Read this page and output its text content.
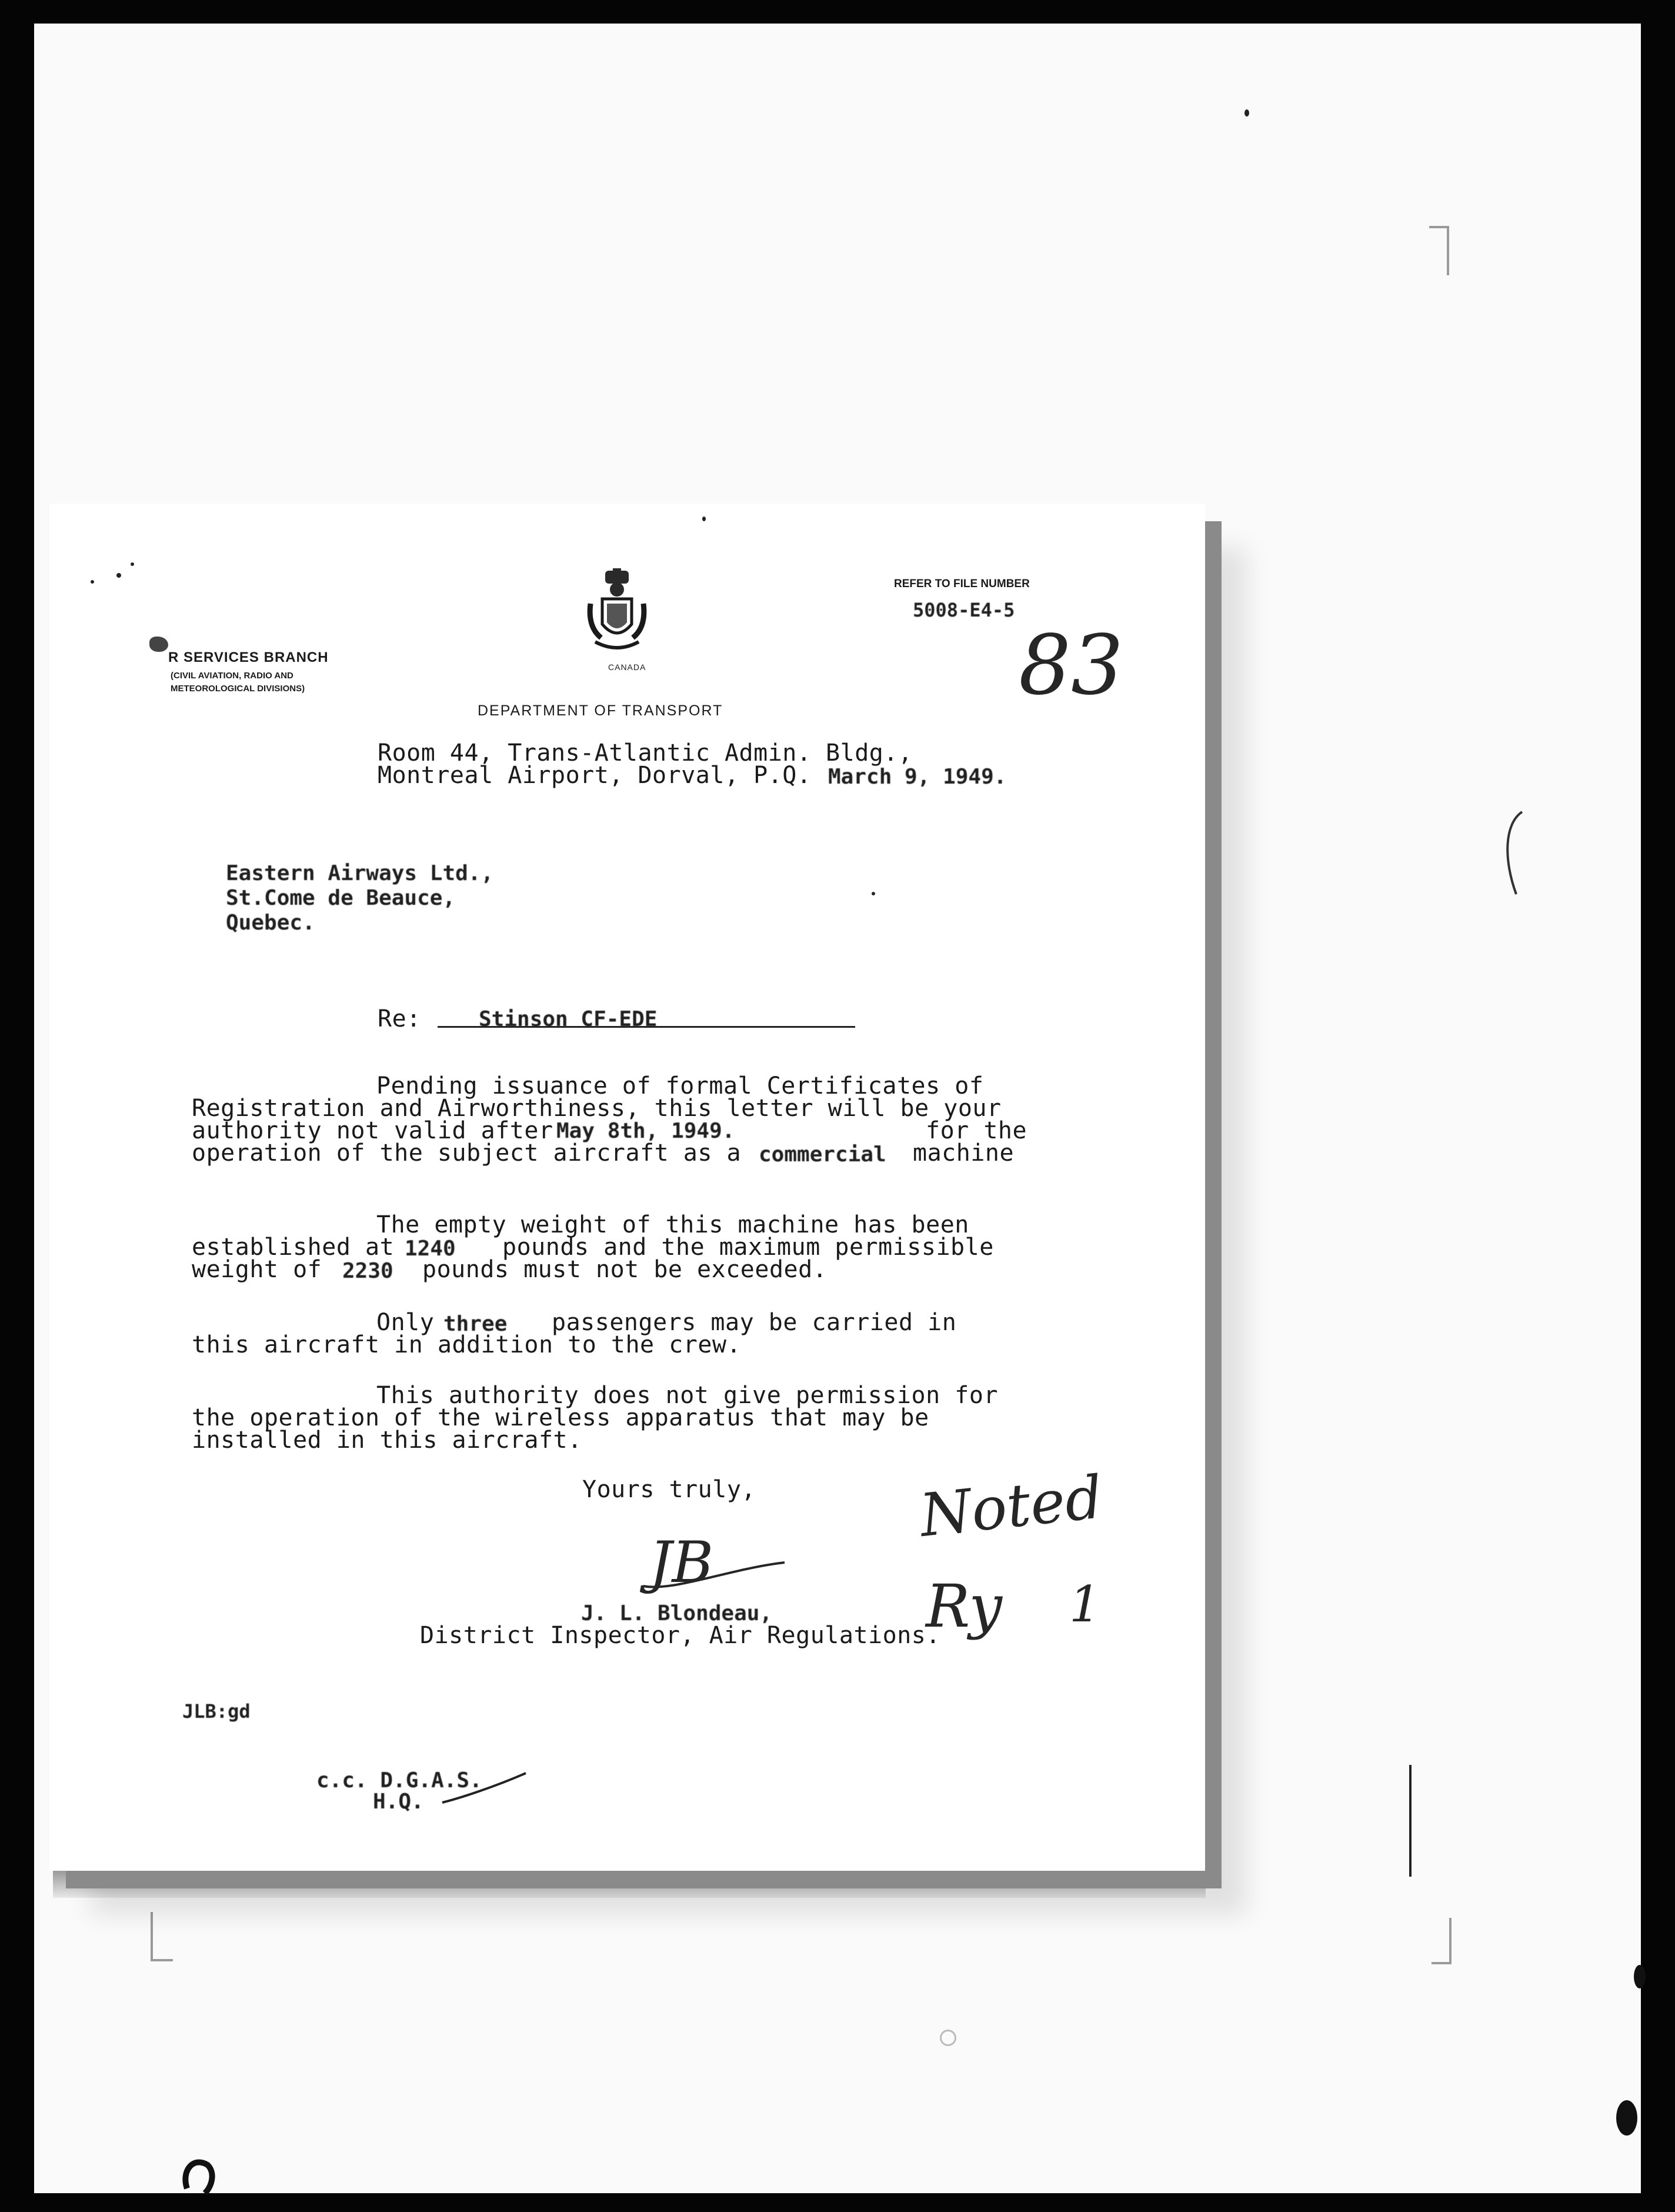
R SERVICES BRANCH
(CIVIL AVIATION, RADIO AND
METEOROLOGICAL DIVISIONS)
CANADA
DEPARTMENT OF TRANSPORT
REFER TO FILE NUMBER
5008-E4-5
83
Room 44, Trans-Atlantic Admin. Bldg.,
Montreal Airport, Dorval, P.Q. March 9, 1949.
Eastern Airways Ltd.,
St.Come de Beauce,
Quebec.
Re:	Stinson CF-EDE
Pending issuance of formal Certificates of
Registration and Airworthiness, this letter will be your
authority not valid after May 8th, 1949.	for the
operation of the subject aircraft as a commercial machine
The empty weight of this machine has been
established at 1240 pounds and the maximum permissible
weight of 2230 pounds must not be exceeded.
Only three passengers may be carried in
this aircraft in addition to the crew.
This authority does not give permission for
the operation of the wireless apparatus that may be
installed in this aircraft.
Yours truly,
JB
J. L. Blondeau,
District Inspector, Air Regulations.
Noted
Ry 1
JLB:gd
c.c. D.G.A.S.
H.Q.
